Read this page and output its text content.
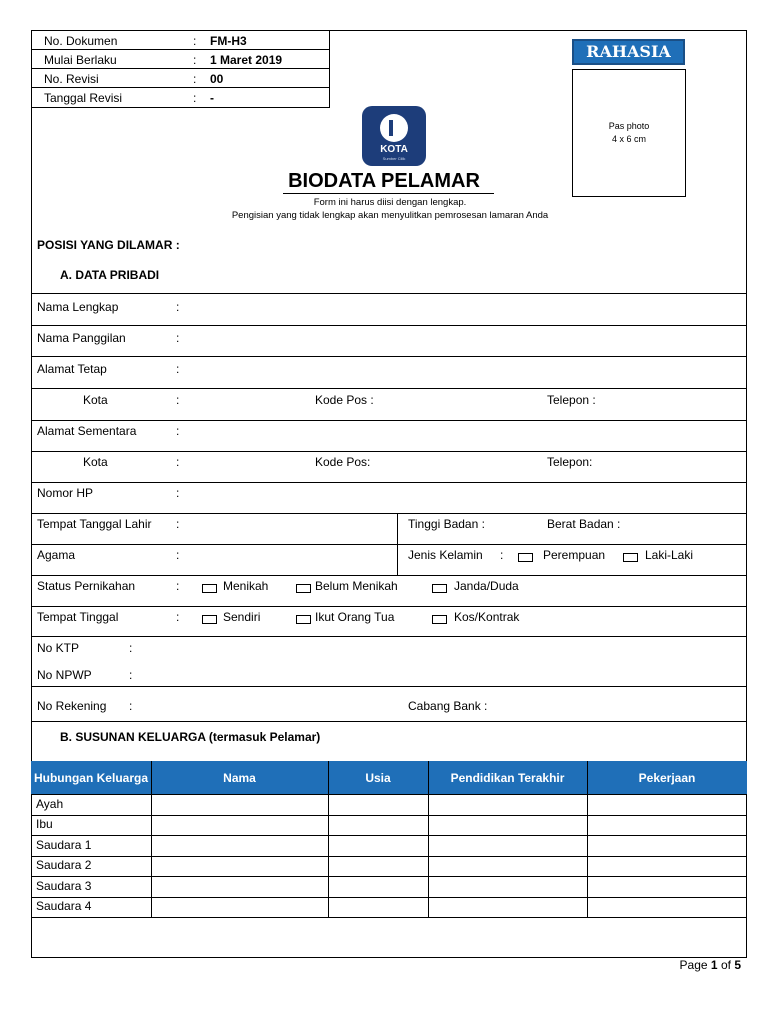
No. Dokumen	: FM-H3
Mulai Berlaku	: 1 Maret 2019
No. Revisi	: 00
Tanggal Revisi	: -
RAHASIA
Pas photo
4 x 6 cm
KOTA
Sumber Cilik
BIODATA PELAMAR
Form ini harus diisi dengan lengkap.
Pengisian yang tidak lengkap akan menyulitkan pemrosesan lamaran Anda
POSISI YANG DILAMAR :
A. DATA PRIBADI
Nama Lengkap	:
Nama Panggilan	:
Alamat Tetap	:
Kota	:	Kode Pos :	Telepon :
Alamat Sementara	:
Kota	:	Kode Pos:	Telepon:
Nomor HP	:
Tempat Tanggal Lahir :	Tinggi Badan :	Berat Badan :
Agama	:	Jenis Kelamin :	Perempuan	Laki-Laki
Status Pernikahan	:	Menikah	Belum Menikah	Janda/Duda
Tempat Tinggal	:	Sendiri	Ikut Orang Tua	Kos/Kontrak
No KTP	:
No NPWP	:
No Rekening :	Cabang Bank :
B. SUSUNAN KELUARGA (termasuk Pelamar)
Hubungan Keluarga	Nama	Usia	Pendidikan Terakhir	Pekerjaan
Ayah
Ibu
Saudara 1
Saudara 2
Saudara 3
Saudara 4
Page 1 of 5
